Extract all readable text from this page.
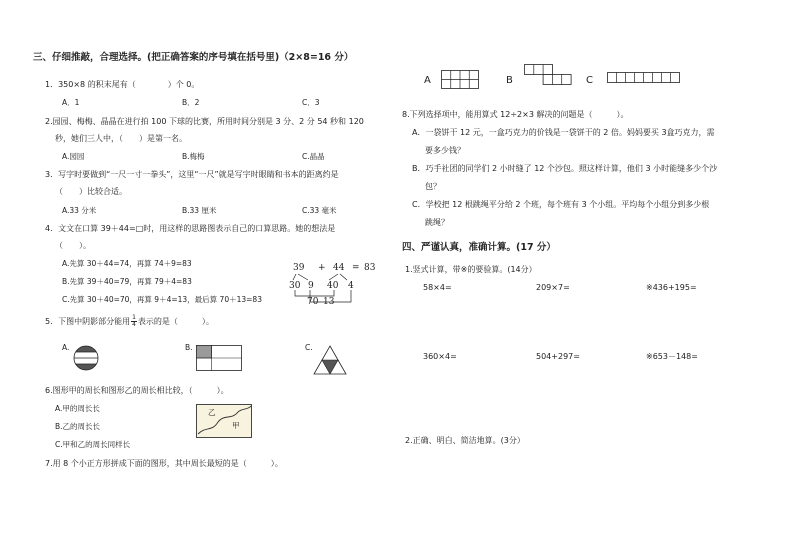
三、仔细推敲，合理选择。(把正确答案的序号填在括号里)（2×8=16 分）
1．350×8 的积末尾有（　　　　）个 0。
A．1	B．2	C．3
2.园园、梅梅、晶晶在进行拍 100 下球的比赛，所用时间分别是 3 分、2 分 54 秒和 120
秒，她们三人中，（　　）是第一名。
A.园园	B.梅梅	C.晶晶
3．写字时要做到“一尺一寸一拳头”，这里“一尺”就是写字时眼睛和书本的距离约是
（　　）比较合适。
A.33 分米	B.33 厘米	C.33 毫米
4．文文在口算 39＋44=□时，用这样的思路图表示自己的口算思路。她的想法是
（　　）。
A.先算 30＋44=74，再算 74＋9=83
B.先算 39＋40=79，再算 79＋4=83
C.先算 30＋40=70，再算 9＋4=13，最后算 70＋13=83
39 + 44 = 83
30 9 40 4
70 13
5．下图中阴影部分能用 $\frac{1}{4}$ 表示的是（　　　）。
A.	B.	C.
6.图形甲的周长和图形乙的周长相比较，（　　　）。
A.甲的周长长
B.乙的周长长
C.甲和乙的周长同样长
乙
甲
7.用 8 个小正方形拼成下面的图形，其中周长最短的是（　　　）。
A	B	C
8.下列选择项中，能用算式 12÷2×3 解决的问题是（　　　）。
A．一袋饼干 12 元，一盒巧克力的价钱是一袋饼干的 2 倍。妈妈要买 3盒巧克力，需
要多少钱？
B．巧手社团的同学们 2 小时缝了 12 个沙包。照这样计算，他们 3 小时能缝多少个沙
包？
C．学校把 12 根跳绳平分给 2 个班，每个班有 3 个小组。平均每个小组分到多少根
跳绳？
四、严谨认真，准确计算。(17 分）
1.竖式计算，带※的要验算。(14分）
58×4=	209×7=	※436+195=
360×4=	504+297=	※653－148=
2.正确、明白、简洁地算。(3分）
